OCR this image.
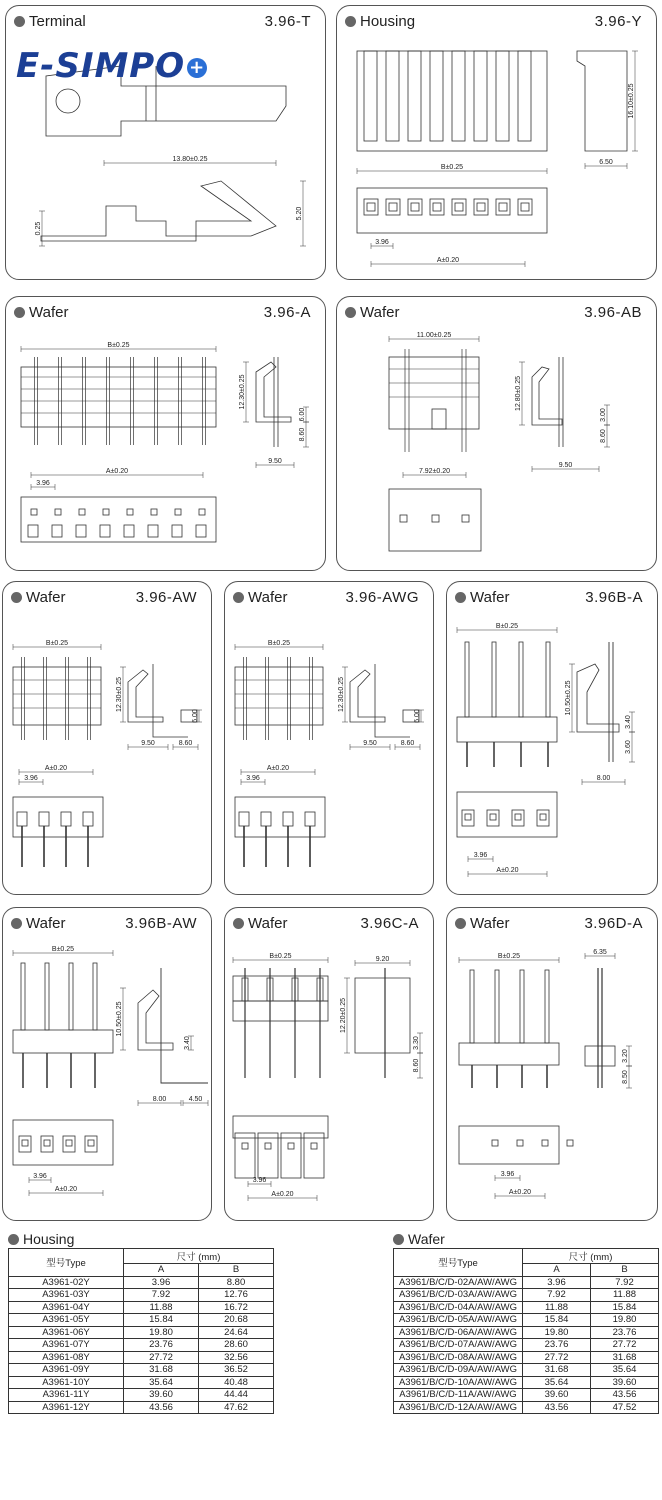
13.80±0.25
0.25
5.20
Terminal	3.96-T
B±0.25
16.10±0.25
6.50
3.96
A±0.20
Housing	3.96-Y
B±0.25
12.30±0.25
6.00
8.60
9.50
A±0.20
3.96
Wafer	3.96-A
11.00±0.25
12.80±0.25
3.00
8.60
9.50
7.92±0.20
Wafer	3.96-AB
B±0.25
12.30±0.25
6.00
9.50	8.60
A±0.20
3.96
Wafer	3.96-AW
B±0.25
12.30±0.25
6.00
9.50	8.60
A±0.20
3.96
Wafer	3.96-AWG
B±0.25
10.50±0.25
3.40
3.60
8.00
3.96
A±0.20
Wafer	3.96B-A
B±0.25
10.50±0.25
3.40
8.00	4.50
3.96
A±0.20
Wafer	3.96B-AW
B±0.25	9.20
12.20±0.25
3.30
8.60
3.96
A±0.20
Wafer	3.96C-A
B±0.25
6.35
3.20
8.50
3.96
A±0.20
Wafer	3.96D-A
E-SIMPO +
Housing
型号Type	尺寸 (mm)	
	A	B
A3961-02Y	3.96	8.80
A3961-03Y	7.92	12.76
A3961-04Y	11.88	16.72
A3961-05Y	15.84	20.68
A3961-06Y	19.80	24.64
A3961-07Y	23.76	28.60
A3961-08Y	27.72	32.56
A3961-09Y	31.68	36.52
A3961-10Y	35.64	40.48
A3961-11Y	39.60	44.44
A3961-12Y	43.56	47.62
Wafer
型号Type	尺寸 (mm)	
	A	B
A3961/B/C/D-02A/AW/AWG	3.96	7.92
A3961/B/C/D-03A/AW/AWG	7.92	11.88
A3961/B/C/D-04A/AW/AWG	11.88	15.84
A3961/B/C/D-05A/AW/AWG	15.84	19.80
A3961/B/C/D-06A/AW/AWG	19.80	23.76
A3961/B/C/D-07A/AW/AWG	23.76	27.72
A3961/B/C/D-08A/AW/AWG	27.72	31.68
A3961/B/C/D-09A/AW/AWG	31.68	35.64
A3961/B/C/D-10A/AW/AWG	35.64	39.60
A3961/B/C/D-11A/AW/AWG	39.60	43.56
A3961/B/C/D-12A/AW/AWG	43.56	47.52
